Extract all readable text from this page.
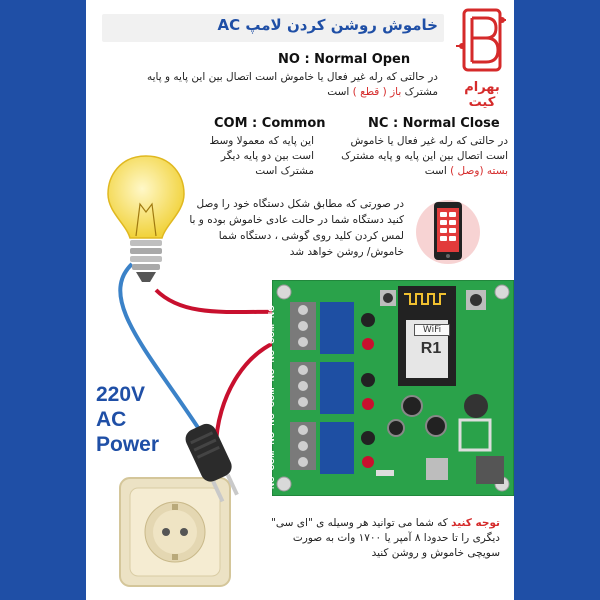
خاموش روشن کردن لامپ AC
بهرام کیت
NO : Normal Open
در حالتی که رله غیر فعال یا خاموش است اتصال بین این پایه و پایه مشترک باز ( قطع ) است
COM : Common
این پایه که معمولا وسط است بین دو پایه دیگر مشترک است
NC : Normal Close
در حالتی که رله غیر فعال یا خاموش است اتصال بین این پایه و پایه مشترک بسته (وصل ) است
در صورتی که مطابق شکل دستگاه خود را وصل کنید دستگاه شما در حالت عادی خاموش بوده و با لمس کردن کلید روی گوشی ، دستگاه شما خاموش/ روشن خواهد شد
220V
AC
Power
WiFi
R1
NC
COM
NO
NC
COM
NO
NC
COM
NO
توجه کنید که شما می توانید هر وسیله ی "ای سی" دیگری را تا حدودا ۸ آمپر یا ۱۷۰۰ وات به صورت سویچی خاموش و روشن کنید
